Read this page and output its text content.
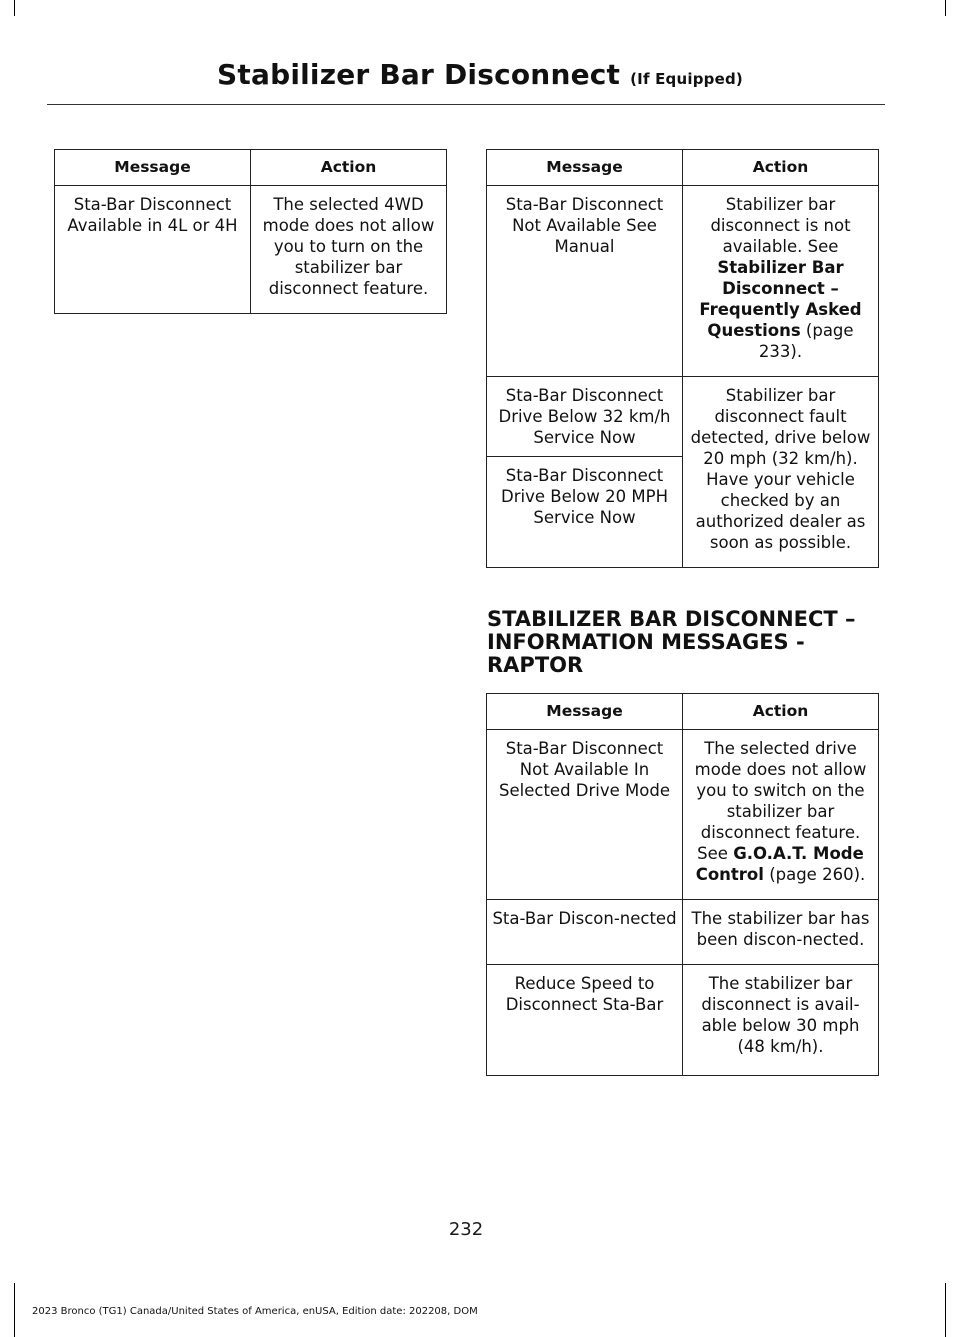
Stabilizer Bar Disconnect (If Equipped)
Message	Action
Sta-Bar Disconnect Available in 4L or 4H	The selected 4WD mode does not allow you to turn on the stabilizer bar disconnect feature.
Message	Action
Sta-Bar Disconnect Not Available See Manual	Stabilizer bar disconnect is not available. See Stabilizer Bar Disconnect – Frequently Asked Questions (page 233).
Sta-Bar Disconnect Drive Below 32 km/h Service Now	Stabilizer bar disconnect fault detected, drive below 20 mph (32 km/h). Have your vehicle checked by an authorized dealer as soon as possible.
Sta-Bar Disconnect Drive Below 20 MPH Service Now	
STABILIZER BAR DISCONNECT – INFORMATION MESSAGES - RAPTOR
Message	Action
Sta-Bar Disconnect Not Available In Selected Drive Mode	The selected drive mode does not allow you to switch on the stabilizer bar disconnect feature. See G.O.A.T. Mode Control (page 260).
Sta-Bar Discon-nected	The stabilizer bar has been discon-nected.
Reduce Speed to Disconnect Sta-Bar	The stabilizer bar disconnect is avail-able below 30 mph (48 km/h).
232
2023 Bronco (TG1) Canada/United States of America, enUSA, Edition date: 202208, DOM
